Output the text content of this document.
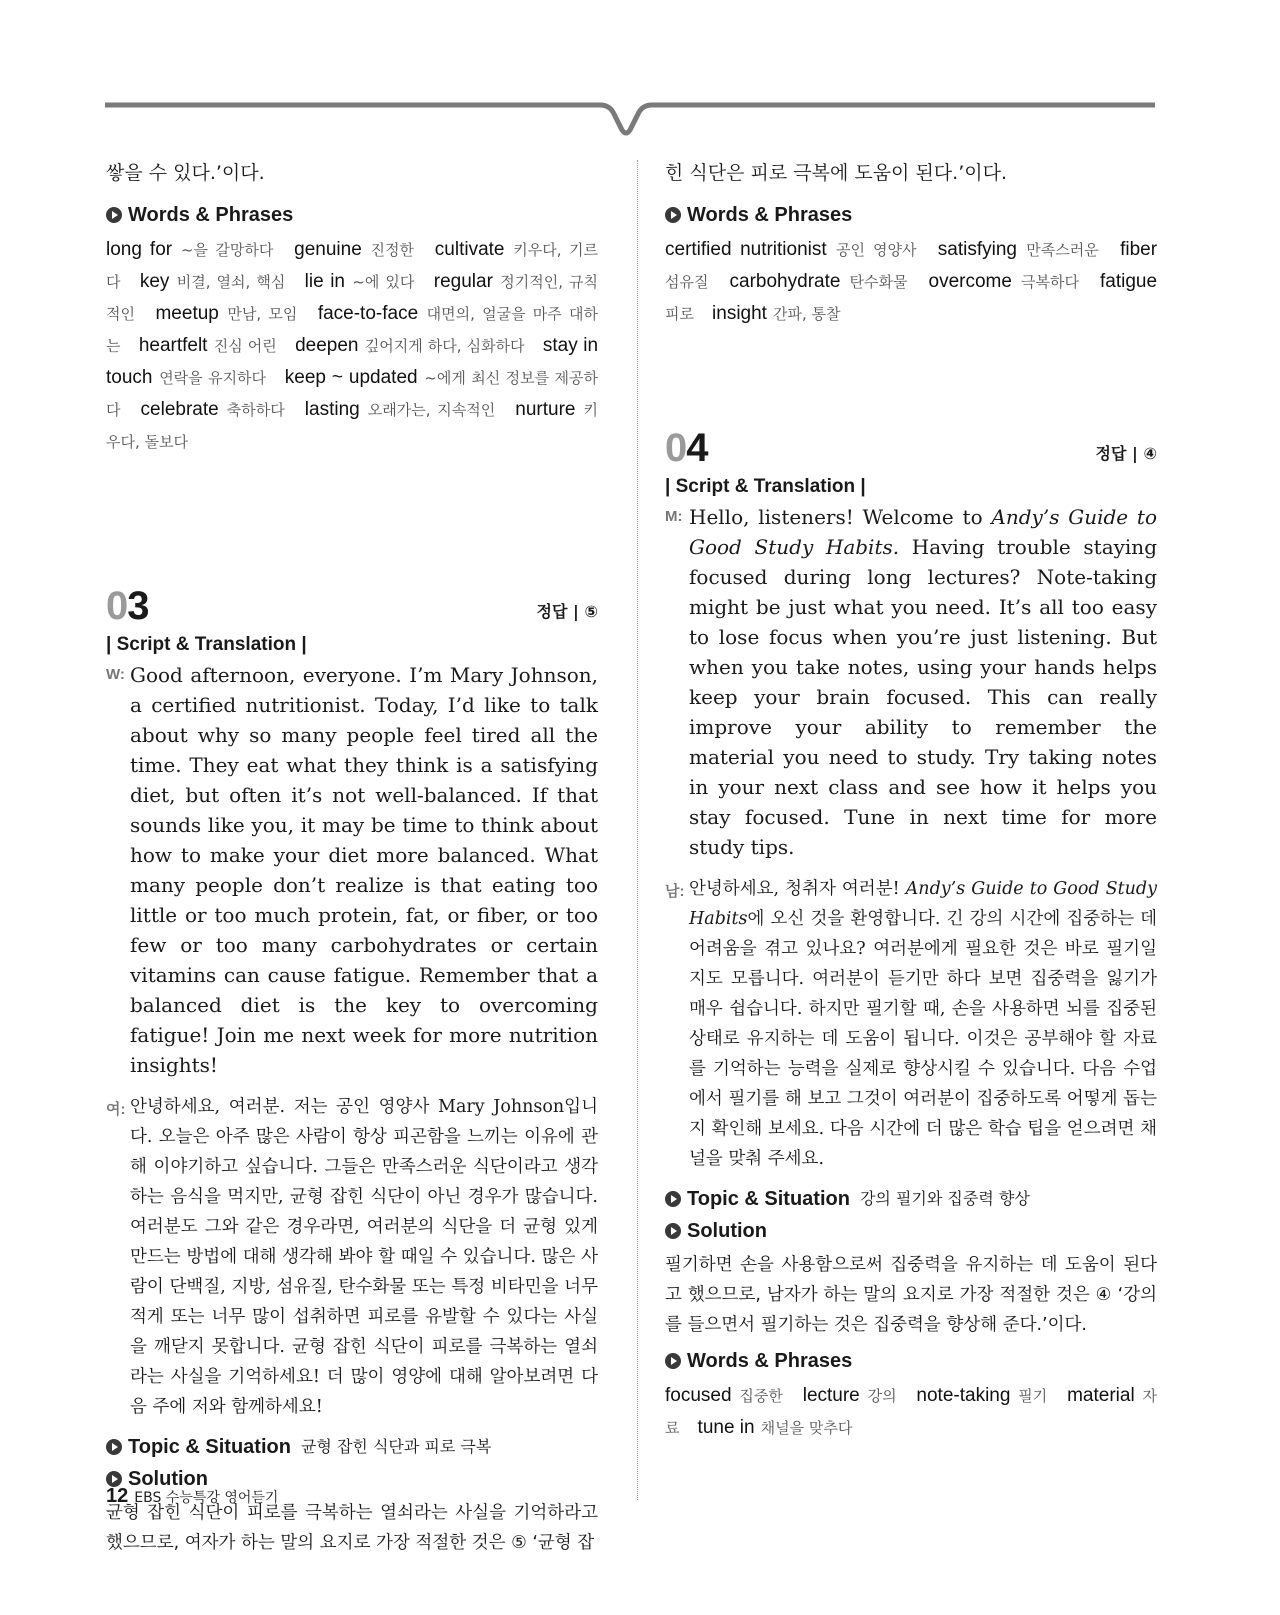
쌓을 수 있다.’이다.

Words & Phrases

long for ~을 갈망하다 genuine 진정한 cultivate 키우다, 기르다 key 비결, 열쇠, 핵심 lie in ~에 있다 regular 정기적인, 규칙적인 meetup 만남, 모임 face-to-face 대면의, 얼굴을 마주 대하는 heartfelt 진심 어린 deepen 깊어지게 하다, 심화하다 stay in touch 연락을 유지하다 keep ~ updated ~에게 최신 정보를 제공하다 celebrate 축하하다 lasting 오래가는, 지속적인 nurture 키우다, 돌보다

03	정답 | ⑤
| Script & Translation |
W: Good afternoon, everyone. I’m Mary Johnson, a certified nutritionist. Today, I’d like to talk about why so many people feel tired all the time. They eat what they think is a satisfying diet, but often it’s not well-balanced. If that sounds like you, it may be time to think about how to make your diet more balanced. What many people don’t realize is that eating too little or too much protein, fat, or fiber, or too few or too many carbohydrates or certain vitamins can cause fatigue. Remember that a balanced diet is the key to overcoming fatigue! Join me next week for more nutrition insights!
여: 안녕하세요, 여러분. 저는 공인 영양사 Mary Johnson입니다. 오늘은 아주 많은 사람이 항상 피곤함을 느끼는 이유에 관해 이야기하고 싶습니다. 그들은 만족스러운 식단이라고 생각하는 음식을 먹지만, 균형 잡힌 식단이 아닌 경우가 많습니다. 여러분도 그와 같은 경우라면, 여러분의 식단을 더 균형 있게 만드는 방법에 대해 생각해 봐야 할 때일 수 있습니다. 많은 사람이 단백질, 지방, 섬유질, 탄수화물 또는 특정 비타민을 너무 적게 또는 너무 많이 섭취하면 피로를 유발할 수 있다는 사실을 깨닫지 못합니다. 균형 잡힌 식단이 피로를 극복하는 열쇠라는 사실을 기억하세요! 더 많이 영양에 대해 알아보려면 다음 주에 저와 함께하세요!
Topic & Situation 균형 잡힌 식단과 피로 극복
Solution

균형 잡힌 식단이 피로를 극복하는 열쇠라는 사실을 기억하라고 했으므로, 여자가 하는 말의 요지로 가장 적절한 것은 ⑤ ‘균형 잡

힌 식단은 피로 극복에 도움이 된다.’이다.

Words & Phrases

certified nutritionist 공인 영양사 satisfying 만족스러운 fiber 섬유질 carbohydrate 탄수화물 overcome 극복하다 fatigue 피로 insight 간파, 통찰

04	정답 | ④
| Script & Translation |
M: Hello, listeners! Welcome to Andy’s Guide to Good Study Habits. Having trouble staying focused during long lectures? Note-taking might be just what you need. It’s all too easy to lose focus when you’re just listening. But when you take notes, using your hands helps keep your brain focused. This can really improve your ability to remember the material you need to study. Try taking notes in your next class and see how it helps you stay focused. Tune in next time for more study tips.
남: 안녕하세요, 청취자 여러분! Andy’s Guide to Good Study Habits에 오신 것을 환영합니다. 긴 강의 시간에 집중하는 데 어려움을 겪고 있나요? 여러분에게 필요한 것은 바로 필기일지도 모릅니다. 여러분이 듣기만 하다 보면 집중력을 잃기가 매우 쉽습니다. 하지만 필기할 때, 손을 사용하면 뇌를 집중된 상태로 유지하는 데 도움이 됩니다. 이것은 공부해야 할 자료를 기억하는 능력을 실제로 향상시킬 수 있습니다. 다음 수업에서 필기를 해 보고 그것이 여러분이 집중하도록 어떻게 돕는지 확인해 보세요. 다음 시간에 더 많은 학습 팁을 얻으려면 채널을 맞춰 주세요.
Topic & Situation 강의 필기와 집중력 향상
Solution

필기하면 손을 사용함으로써 집중력을 유지하는 데 도움이 된다고 했으므로, 남자가 하는 말의 요지로 가장 적절한 것은 ④ ‘강의를 들으면서 필기하는 것은 집중력을 향상해 준다.’이다.

Words & Phrases

focused 집중한 lecture 강의 note-taking 필기 material 자료 tune in 채널을 맞추다

12 EBS 수능특강 영어듣기
